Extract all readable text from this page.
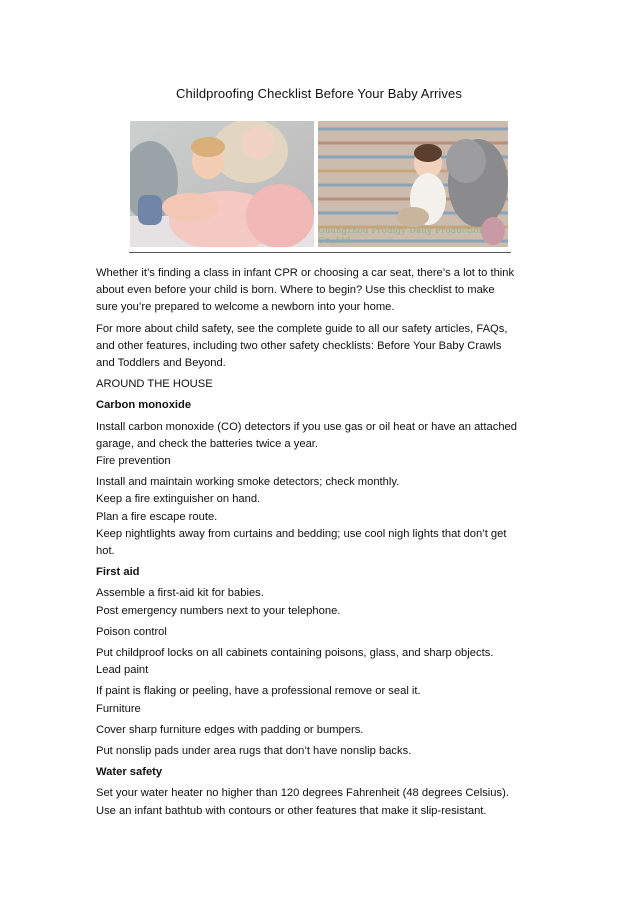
Childproofing Checklist Before Your Baby Arrives
Guangzhou Prodigy Daily Production Co.,Ltd.

Whether it’s finding a class in infant CPR or choosing a car seat, there’s a lot to think
about even before your child is born. Where to begin? Use this checklist to make
sure you’re prepared to welcome a newborn into your home.

For more about child safety, see the complete guide to all our safety articles, FAQs,
and other features, including two other safety checklists: Before Your Baby Crawls
and Toddlers and Beyond.

AROUND THE HOUSE

Carbon monoxide

Install carbon monoxide (CO) detectors if you use gas or oil heat or have an attached
garage, and check the batteries twice a year.
Fire prevention

Install and maintain working smoke detectors; check monthly.
Keep a fire extinguisher on hand.
Plan a fire escape route.
Keep nightlights away from curtains and bedding; use cool nigh lights that don’t get
hot.

First aid

Assemble a first-aid kit for babies.
Post emergency numbers next to your telephone.

Poison control

Put childproof locks on all cabinets containing poisons, glass, and sharp objects.
Lead paint

If paint is flaking or peeling, have a professional remove or seal it.
Furniture

Cover sharp furniture edges with padding or bumpers.

Put nonslip pads under area rugs that don’t have nonslip backs.

Water safety

Set your water heater no higher than 120 degrees Fahrenheit (48 degrees Celsius).
Use an infant bathtub with contours or other features that make it slip-resistant.
